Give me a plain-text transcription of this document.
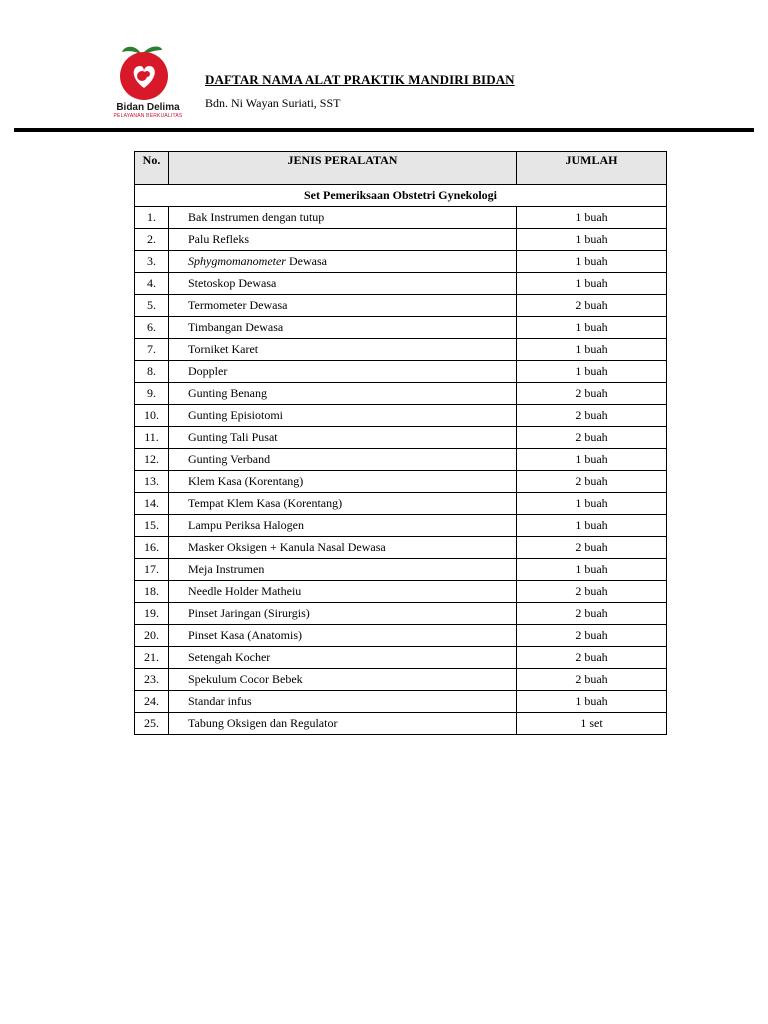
Bidan Delima
PELAYANAN BERKUALITAS
DAFTAR NAMA ALAT PRAKTIK MANDIRI BIDAN
Bdn. Ni Wayan Suriati, SST
No.	JENIS PERALATAN	JUMLAH

Set Pemeriksaan Obstetri Gynekologi		
1.	Bak Instrumen dengan tutup	1 buah
2.	Palu Refleks	1 buah
3.	Sphygmomanometer Dewasa	1 buah
4.	Stetoskop Dewasa	1 buah
5.	Termometer Dewasa	2 buah
6.	Timbangan Dewasa	1 buah
7.	Torniket Karet	1 buah
8.	Doppler	1 buah
9.	Gunting Benang	2 buah
10.	Gunting Episiotomi	2 buah
11.	Gunting Tali Pusat	2 buah
12.	Gunting Verband	1 buah
13.	Klem Kasa (Korentang)	2 buah
14.	Tempat Klem Kasa (Korentang)	1 buah
15.	Lampu Periksa Halogen	1 buah
16.	Masker Oksigen + Kanula Nasal Dewasa	2 buah
17.	Meja Instrumen	1 buah
18.	Needle Holder Matheiu	2 buah
19.	Pinset Jaringan (Sirurgis)	2 buah
20.	Pinset Kasa (Anatomis)	2 buah
21.	Setengah Kocher	2 buah
23.	Spekulum Cocor Bebek	2 buah
24.	Standar infus	1 buah
25.	Tabung Oksigen dan Regulator	1 set
